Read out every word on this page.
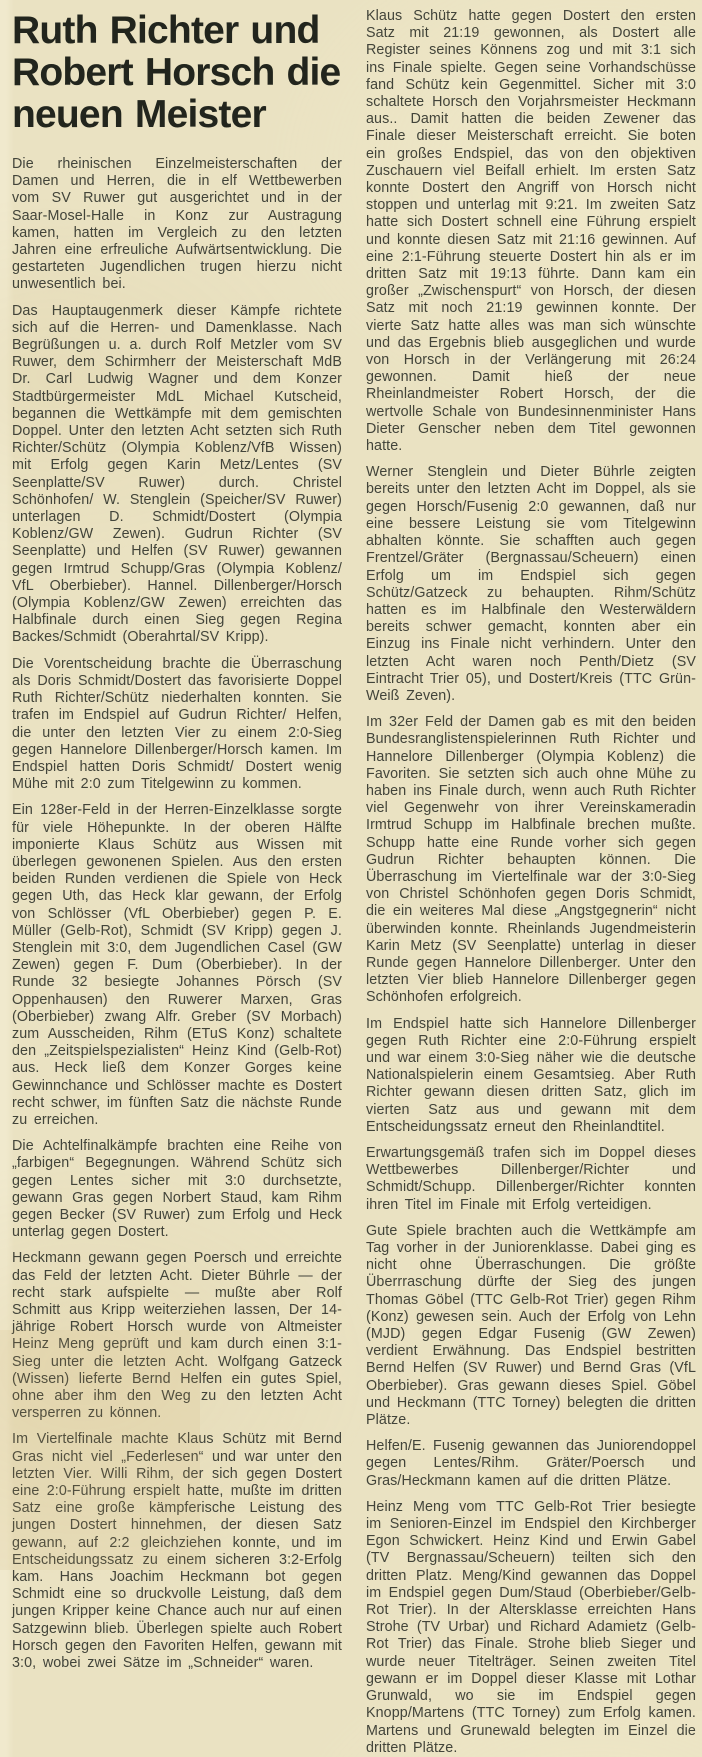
Ruth Richter und
Robert Horsch die
neuen Meister

Die rheinischen Einzelmeisterschaften der Damen und Herren, die in elf Wettbewerben vom SV Ruwer gut ausgerichtet und in der Saar-Mosel-Halle in Konz zur Austragung kamen, hatten im Vergleich zu den letzten Jahren eine erfreuliche Aufwärtsentwicklung. Die gestarteten Jugendlichen trugen hierzu nicht unwesentlich bei.

Das Hauptaugenmerk dieser Kämpfe richtete sich auf die Herren- und Damenklasse. Nach Begrüßungen u. a. durch Rolf Metzler vom SV Ruwer, dem Schirmherr der Meisterschaft MdB Dr. Carl Ludwig Wagner und dem Konzer Stadtbürgermeister MdL Michael Kutscheid, begannen die Wettkämpfe mit dem gemischten Doppel. Unter den letzten Acht setzten sich Ruth Richter/Schütz (Olympia Koblenz/VfB Wissen) mit Erfolg gegen Karin Metz/Lentes (SV Seenplatte/SV Ruwer) durch. Christel Schönhofen/ W. Stenglein (Speicher/SV Ruwer) unterlagen D. Schmidt/Dostert (Olympia Koblenz/GW Zewen). Gudrun Richter (SV Seenplatte) und Helfen (SV Ruwer) gewannen gegen Irmtrud Schupp/Gras (Olympia Koblenz/ VfL Oberbieber). Hannel. Dillenberger/Horsch (Olympia Koblenz/GW Zewen) erreichten das Halbfinale durch einen Sieg gegen Regina Backes/Schmidt (Oberahrtal/SV Kripp).

Die Vorentscheidung brachte die Überraschung als Doris Schmidt/Dostert das favorisierte Doppel Ruth Richter/Schütz niederhalten konnten. Sie trafen im Endspiel auf Gudrun Richter/ Helfen, die unter den letzten Vier zu einem 2:0-Sieg gegen Hannelore Dillenberger/Horsch kamen. Im Endspiel hatten Doris Schmidt/ Dostert wenig Mühe mit 2:0 zum Titelgewinn zu kommen.

Ein 128er-Feld in der Herren-Einzelklasse sorgte für viele Höhepunkte. In der oberen Hälfte imponierte Klaus Schütz aus Wissen mit überlegen gewonenen Spielen. Aus den ersten beiden Runden verdienen die Spiele von Heck gegen Uth, das Heck klar gewann, der Erfolg von Schlösser (VfL Oberbieber) gegen P. E. Müller (Gelb-Rot), Schmidt (SV Kripp) gegen J. Stenglein mit 3:0, dem Jugendlichen Casel (GW Zewen) gegen F. Dum (Oberbieber). In der Runde 32 besiegte Johannes Pörsch (SV Oppenhausen) den Ruwerer Marxen, Gras (Oberbieber) zwang Alfr. Greber (SV Morbach) zum Ausscheiden, Rihm (ETuS Konz) schaltete den „Zeitspielspezialisten“ Heinz Kind (Gelb-Rot) aus. Heck ließ dem Konzer Gorges keine Gewinnchance und Schlösser machte es Dostert recht schwer, im fünften Satz die nächste Runde zu erreichen.

Die Achtelfinalkämpfe brachten eine Reihe von „farbigen“ Begegnungen. Während Schütz sich gegen Lentes sicher mit 3:0 durchsetzte, gewann Gras gegen Norbert Staud, kam Rihm gegen Becker (SV Ruwer) zum Erfolg und Heck unterlag gegen Dostert.

Heckmann gewann gegen Poersch und erreichte das Feld der letzten Acht. Dieter Bührle — der recht stark aufspielte — mußte aber Rolf Schmitt aus Kripp weiterziehen lassen, Der 14-jährige Robert Horsch wurde von Altmeister Heinz Meng geprüft und kam durch einen 3:1-Sieg unter die letzten Acht. Wolfgang Gatzeck (Wissen) lieferte Bernd Helfen ein gutes Spiel, ohne aber ihm den Weg zu den letzten Acht versperren zu können.

Im Viertelfinale machte Klaus Schütz mit Bernd Gras nicht viel „Federlesen“ und war unter den letzten Vier. Willi Rihm, der sich gegen Dostert eine 2:0-Führung erspielt hatte, mußte im dritten Satz eine große kämpferische Leistung des jungen Dostert hinnehmen, der diesen Satz gewann, auf 2:2 gleichziehen konnte, und im Entscheidungssatz zu einem sicheren 3:2-Erfolg kam. Hans Joachim Heckmann bot gegen Schmidt eine so druckvolle Leistung, daß dem jungen Kripper keine Chance auch nur auf einen Satzgewinn blieb. Überlegen spielte auch Robert Horsch gegen den Favoriten Helfen, gewann mit 3:0, wobei zwei Sätze im „Schneider“ waren.

Klaus Schütz hatte gegen Dostert den ersten Satz mit 21:19 gewonnen, als Dostert alle Register seines Könnens zog und mit 3:1 sich ins Finale spielte. Gegen seine Vorhandschüsse fand Schütz kein Gegenmittel. Sicher mit 3:0 schaltete Horsch den Vorjahrsmeister Heckmann aus.. Damit hatten die beiden Zewener das Finale dieser Meisterschaft erreicht. Sie boten ein großes Endspiel, das von den objektiven Zuschauern viel Beifall erhielt. Im ersten Satz konnte Dostert den Angriff von Horsch nicht stoppen und unterlag mit 9:21. Im zweiten Satz hatte sich Dostert schnell eine Führung erspielt und konnte diesen Satz mit 21:16 gewinnen. Auf eine 2:1-Führung steuerte Dostert hin als er im dritten Satz mit 19:13 führte. Dann kam ein großer „Zwischenspurt“ von Horsch, der diesen Satz mit noch 21:19 gewinnen konnte. Der vierte Satz hatte alles was man sich wünschte und das Ergebnis blieb ausgeglichen und wurde von Horsch in der Verlängerung mit 26:24 gewonnen. Damit hieß der neue Rheinlandmeister Robert Horsch, der die wertvolle Schale von Bundesinnenminister Hans Dieter Genscher neben dem Titel gewonnen hatte.

Werner Stenglein und Dieter Bührle zeigten bereits unter den letzten Acht im Doppel, als sie gegen Horsch/Fusenig 2:0 gewannen, daß nur eine bessere Leistung sie vom Titelgewinn abhalten könnte. Sie schafften auch gegen Frentzel/Gräter (Bergnassau/Scheuern) einen Erfolg um im Endspiel sich gegen Schütz/Gatzeck zu behaupten. Rihm/Schütz hatten es im Halbfinale den Westerwäldern bereits schwer gemacht, konnten aber ein Einzug ins Finale nicht verhindern. Unter den letzten Acht waren noch Penth/Dietz (SV Eintracht Trier 05), und Dostert/Kreis (TTC Grün-Weiß Zeven).

Im 32er Feld der Damen gab es mit den beiden Bundesranglistenspielerinnen Ruth Richter und Hannelore Dillenberger (Olympia Koblenz) die Favoriten. Sie setzten sich auch ohne Mühe zu haben ins Finale durch, wenn auch Ruth Richter viel Gegenwehr von ihrer Vereinskameradin Irmtrud Schupp im Halbfinale brechen mußte. Schupp hatte eine Runde vorher sich gegen Gudrun Richter behaupten können. Die Überraschung im Viertelfinale war der 3:0-Sieg von Christel Schönhofen gegen Doris Schmidt, die ein weiteres Mal diese „Angstgegnerin“ nicht überwinden konnte. Rheinlands Jugendmeisterin Karin Metz (SV Seenplatte) unterlag in dieser Runde gegen Hannelore Dillenberger. Unter den letzten Vier blieb Hannelore Dillenberger gegen Schönhofen erfolgreich.

Im Endspiel hatte sich Hannelore Dillenberger gegen Ruth Richter eine 2:0-Führung erspielt und war einem 3:0-Sieg näher wie die deutsche Nationalspielerin einem Gesamtsieg. Aber Ruth Richter gewann diesen dritten Satz, glich im vierten Satz aus und gewann mit dem Entscheidungssatz erneut den Rheinlandtitel.

Erwartungsgemäß trafen sich im Doppel dieses Wettbewerbes Dillenberger/Richter und Schmidt/Schupp. Dillenberger/Richter konnten ihren Titel im Finale mit Erfolg verteidigen.

Gute Spiele brachten auch die Wettkämpfe am Tag vorher in der Juniorenklasse. Dabei ging es nicht ohne Überraschungen. Die größte Überrraschung dürfte der Sieg des jungen Thomas Göbel (TTC Gelb-Rot Trier) gegen Rihm (Konz) gewesen sein. Auch der Erfolg von Lehn (MJD) gegen Edgar Fusenig (GW Zewen) verdient Erwähnung. Das Endspiel bestritten Bernd Helfen (SV Ruwer) und Bernd Gras (VfL Oberbieber). Gras gewann dieses Spiel. Göbel und Heckmann (TTC Torney) belegten die dritten Plätze.

Helfen/E. Fusenig gewannen das Juniorendoppel gegen Lentes/Rihm. Gräter/Poersch und Gras/Heckmann kamen auf die dritten Plätze.

Heinz Meng vom TTC Gelb-Rot Trier besiegte im Senioren-Einzel im Endspiel den Kirchberger Egon Schwickert. Heinz Kind und Erwin Gabel (TV Bergnassau/Scheuern) teilten sich den dritten Platz. Meng/Kind gewannen das Doppel im Endspiel gegen Dum/Staud (Oberbieber/Gelb-Rot Trier). In der Altersklasse erreichten Hans Strohe (TV Urbar) und Richard Adamietz (Gelb-Rot Trier) das Finale. Strohe blieb Sieger und wurde neuer Titelträger. Seinen zweiten Titel gewann er im Doppel dieser Klasse mit Lothar Grunwald, wo sie im Endspiel gegen Knopp/Martens (TTC Torney) zum Erfolg kamen. Martens und Grunewald belegten im Einzel die dritten Plätze.
